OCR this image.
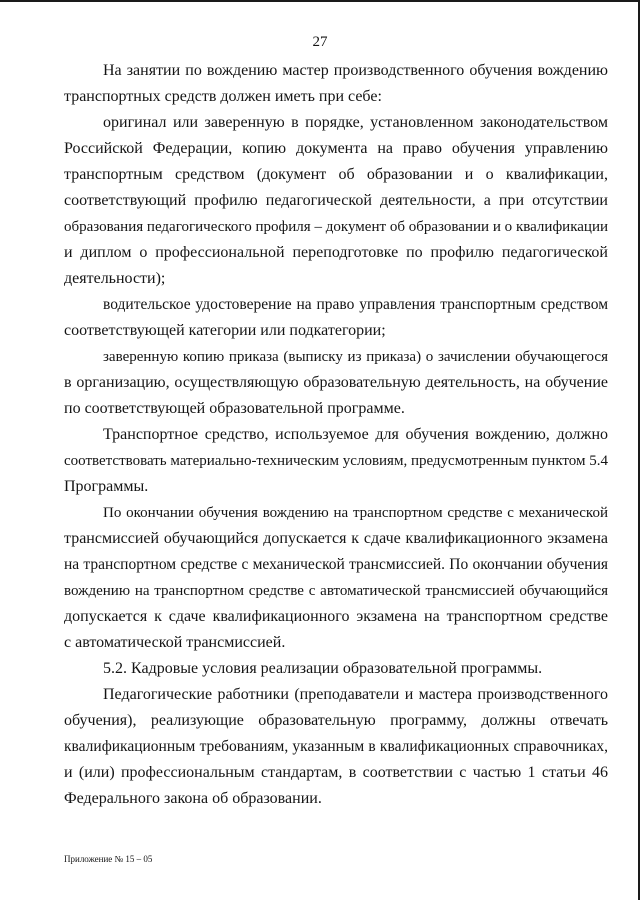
27
На занятии по вождению мастер производственного обучения вождению
транспортных средств должен иметь при себе:
оригинал или заверенную в порядке, установленном законодательством
Российской Федерации, копию документа на право обучения управлению
транспортным средством (документ об образовании и о квалификации,
соответствующий профилю педагогической деятельности, а при отсутствии
образования педагогического профиля – документ об образовании и о квалификации
и диплом о профессиональной переподготовке по профилю педагогической
деятельности);
водительское удостоверение на право управления транспортным средством
соответствующей категории или подкатегории;
заверенную копию приказа (выписку из приказа) о зачислении обучающегося
в организацию, осуществляющую образовательную деятельность, на обучение
по соответствующей образовательной программе.
Транспортное средство, используемое для обучения вождению, должно
соответствовать материально-техническим условиям, предусмотренным пунктом 5.4
Программы.
По окончании обучения вождению на транспортном средстве с механической
трансмиссией обучающийся допускается к сдаче квалификационного экзамена
на транспортном средстве с механической трансмиссией. По окончании обучения
вождению на транспортном средстве с автоматической трансмиссией обучающийся
допускается к сдаче квалификационного экзамена на транспортном средстве
с автоматической трансмиссией.
5.2. Кадровые условия реализации образовательной программы.
Педагогические работники (преподаватели и мастера производственного
обучения), реализующие образовательную программу, должны отвечать
квалификационным требованиям, указанным в квалификационных справочниках,
и (или) профессиональным стандартам, в соответствии с частью 1 статьи 46
Федерального закона об образовании.
Приложение № 15 – 05
